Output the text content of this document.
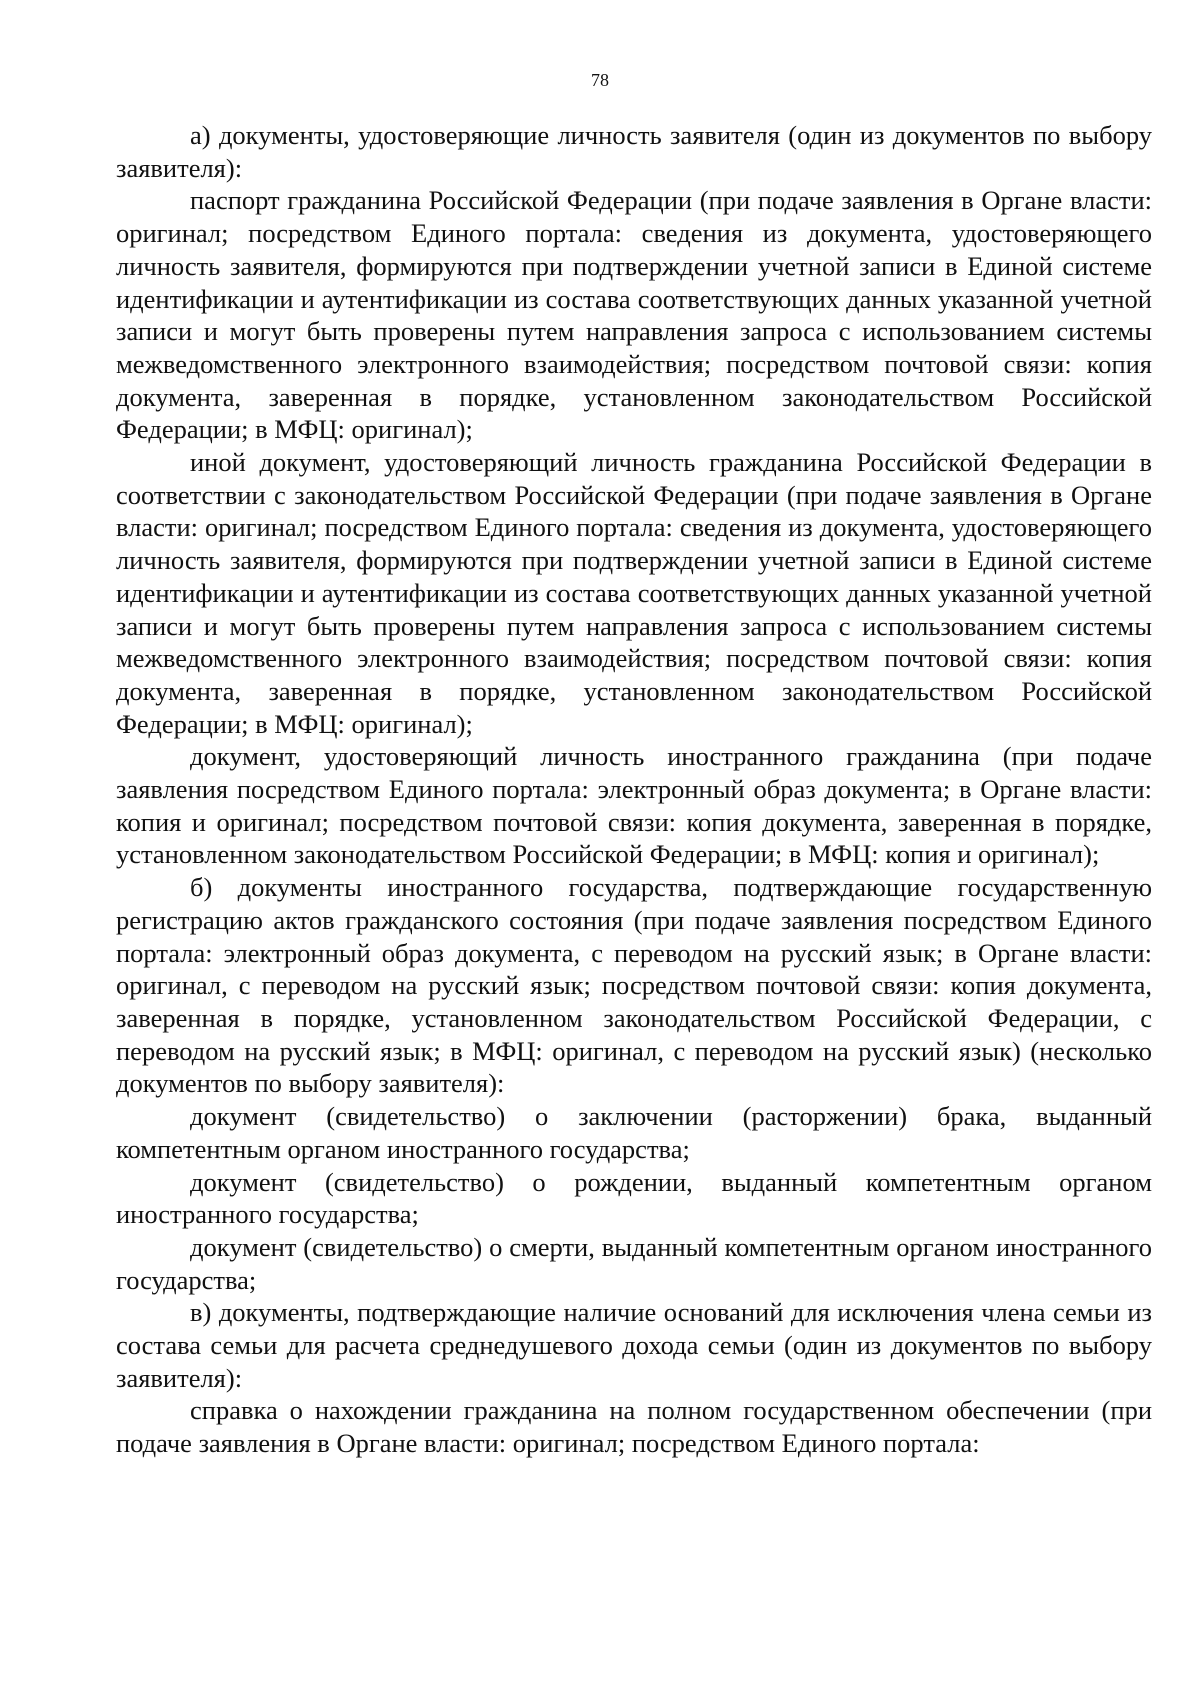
78

а) документы, удостоверяющие личность заявителя (один из документов по выбору заявителя):

паспорт гражданина Российской Федерации (при подаче заявления в Органе власти: оригинал; посредством Единого портала: сведения из документа, удостоверяющего личность заявителя, формируются при подтверждении учетной записи в Единой системе идентификации и аутентификации из состава соответствующих данных указанной учетной записи и могут быть проверены путем направления запроса с использованием системы межведомственного электронного взаимодействия; посредством почтовой связи: копия документа, заверенная в порядке, установленном законодательством Российской Федерации; в МФЦ: оригинал);

иной документ, удостоверяющий личность гражданина Российской Федерации в соответствии с законодательством Российской Федерации (при подаче заявления в Органе власти: оригинал; посредством Единого портала: сведения из документа, удостоверяющего личность заявителя, формируются при подтверждении учетной записи в Единой системе идентификации и аутентификации из состава соответствующих данных указанной учетной записи и могут быть проверены путем направления запроса с использованием системы межведомственного электронного взаимодействия; посредством почтовой связи: копия документа, заверенная в порядке, установленном законодательством Российской Федерации; в МФЦ: оригинал);

документ, удостоверяющий личность иностранного гражданина (при подаче заявления посредством Единого портала: электронный образ документа; в Органе власти: копия и оригинал; посредством почтовой связи: копия документа, заверенная в порядке, установленном законодательством Российской Федерации; в МФЦ: копия и оригинал);

б) документы иностранного государства, подтверждающие государственную регистрацию актов гражданского состояния (при подаче заявления посредством Единого портала: электронный образ документа, с переводом на русский язык; в Органе власти: оригинал, с переводом на русский язык; посредством почтовой связи: копия документа, заверенная в порядке, установленном законодательством Российской Федерации, с переводом на русский язык; в МФЦ: оригинал, с переводом на русский язык) (несколько документов по выбору заявителя):

документ (свидетельство) о заключении (расторжении) брака, выданный компетентным органом иностранного государства;

документ (свидетельство) о рождении, выданный компетентным органом иностранного государства;

документ (свидетельство) о смерти, выданный компетентным органом иностранного государства;

в) документы, подтверждающие наличие оснований для исключения члена семьи из состава семьи для расчета среднедушевого дохода семьи (один из документов по выбору заявителя):

справка о нахождении гражданина на полном государственном обеспечении (при подаче заявления в Органе власти: оригинал; посредством Единого портала:
